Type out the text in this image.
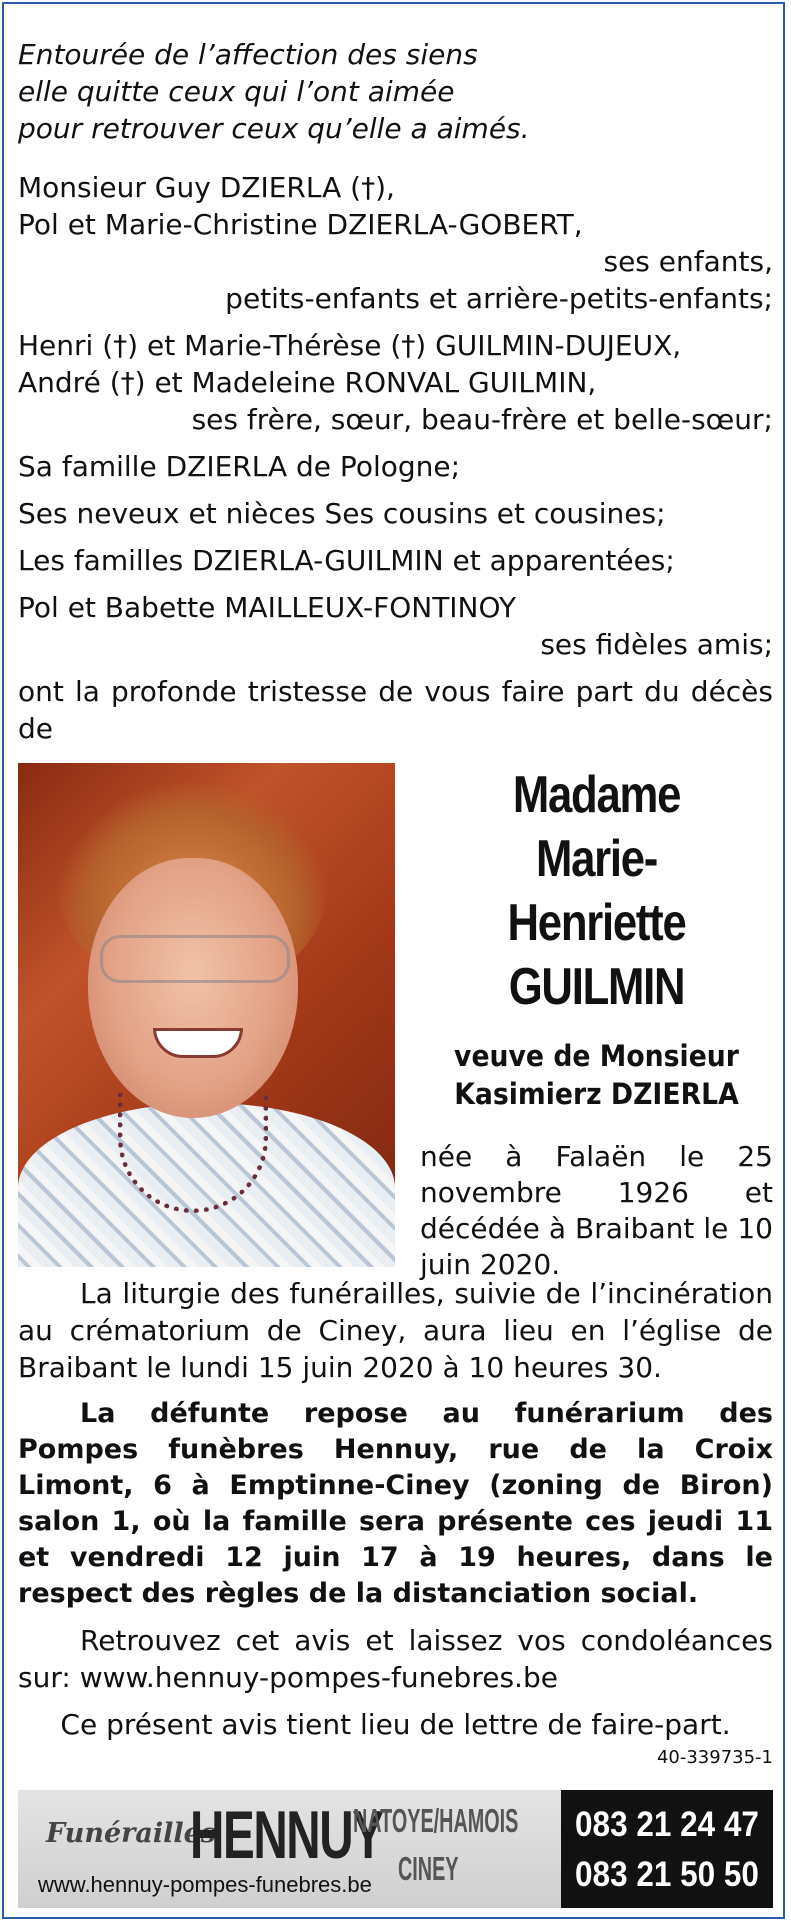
Entourée de l’affection des siens

elle quitte ceux qui l’ont aimée

pour retrouver ceux qu’elle a aimés.

Monsieur Guy DZIERLA (†),

Pol et Marie-Christine DZIERLA-GOBERT,

ses enfants,

petits-enfants et arrière-petits-enfants;

Henri (†) et Marie-Thérèse (†) GUILMIN-DUJEUX,

André (†) et Madeleine RONVAL GUILMIN,

ses frère, sœur, beau-frère et belle-sœur;

Sa famille DZIERLA de Pologne;

Ses neveux et nièces Ses cousins et cousines;

Les familles DZIERLA-GUILMIN et apparentées;

Pol et Babette MAILLEUX-FONTINOY

ses fidèles amis;

ont la profonde tristesse de vous faire part du décès de

Madame

Marie-Henriette

GUILMIN

veuve de Monsieur

Kasimierz DZIERLA

née à Falaën le 25 novembre 1926 et décédée à Braibant le 10 juin 2020.

La liturgie des funérailles, suivie de l’incinération au crématorium de Ciney, aura lieu en l’église de Braibant le lundi 15 juin 2020 à 10 heures 30.

La défunte repose au funérarium des Pompes funèbres Hennuy, rue de la Croix Limont, 6 à Emptinne-Ciney (zoning de Biron) salon 1, où la famille sera présente ces jeudi 11 et vendredi 12 juin 17 à 19 heures, dans le respect des règles de la distanciation social.

Retrouvez cet avis et laissez vos condoléances sur: www.hennuy-pompes-funebres.be

Ce présent avis tient lieu de lettre de faire-part.

40-339735-1

Funérailles
HENNUY
NATOYE/HAMOIS
CINEY
www.hennuy-pompes-funebres.be

083 21 24 47

083 21 50 50
